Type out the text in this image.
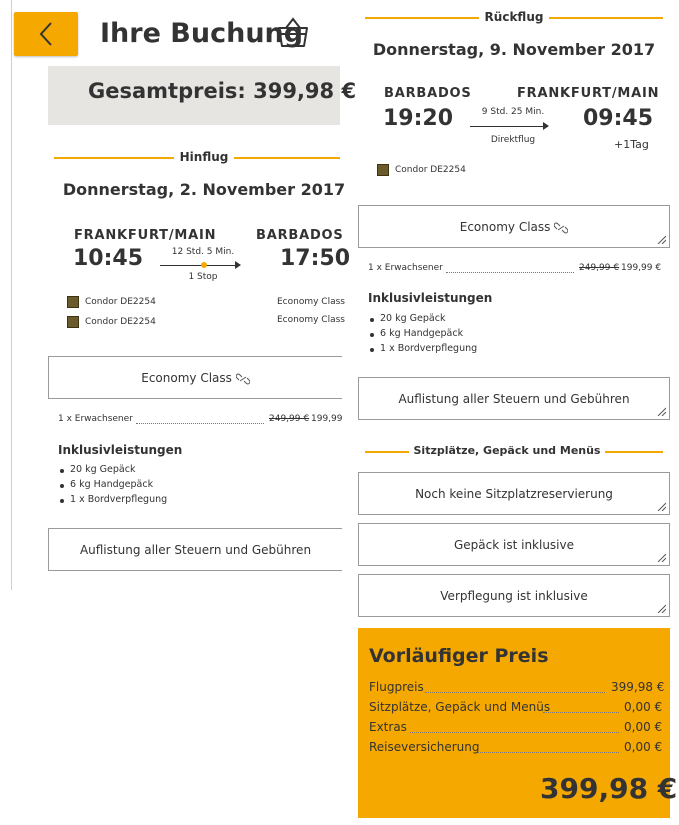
Ihre Buchung
Gesamtpreis: 399,98 €
Hinflug
Donnerstag, 2. November 2017
FRANKFURT/MAIN	BARBADOS
10:45	17:50
12 Std. 5 Min.
1 Stop
Condor DE2254	Economy Class
Condor DE2254	Economy Class
Economy Class
1 x Erwachsener	249,99 € 199,99
Inklusivleistungen
20 kg Gepäck
6 kg Handgepäck
1 x Bordverpflegung
Auflistung aller Steuern und Gebühren
Rückflug
Donnerstag, 9. November 2017
BARBADOS	FRANKFURT/MAIN
19:20	09:45
9 Std. 25 Min.
Direktflug	+1Tag
Condor DE2254
Economy Class
1 x Erwachsener	249,99 € 199,99 €
Inklusivleistungen
20 kg Gepäck
6 kg Handgepäck
1 x Bordverpflegung
Auflistung aller Steuern und Gebühren
Sitzplätze, Gepäck und Menüs
Noch keine Sitzplatzreservierung
Gepäck ist inklusive
Verpflegung ist inklusive
Vorläufiger Preis
Flugpreis	399,98 €
Sitzplätze, Gepäck und Menüs	0,00 €
Extras	0,00 €
Reiseversicherung	0,00 €
399,98 €
